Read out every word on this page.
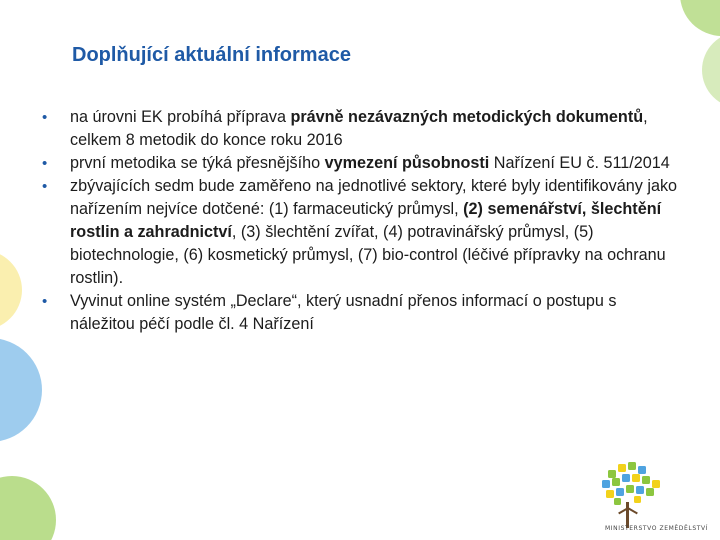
Doplňující aktuální informace
• na úrovni EK probíhá příprava právně nezávazných metodických dokumentů, celkem 8 metodik do konce roku 2016
• první metodika se týká přesnějšího vymezení působnosti Nařízení EU č. 511/2014
• zbývajících sedm bude zaměřeno na jednotlivé sektory, které byly identifikovány jako nařízením nejvíce dotčené: (1) farmaceutický průmysl, (2) semenářství, šlechtění rostlin a zahradnictví, (3) šlechtění zvířat, (4) potravinářský průmysl, (5) biotechnologie, (6) kosmetický průmysl, (7) bio-control (léčivé přípravky na ochranu rostlin).
• Vyvinut online systém „Declare“, který usnadní přenos informací o postupu s náležitou péčí podle čl. 4 Nařízení
MINISTERSTVO ZEMĚDĚLSTVÍ
